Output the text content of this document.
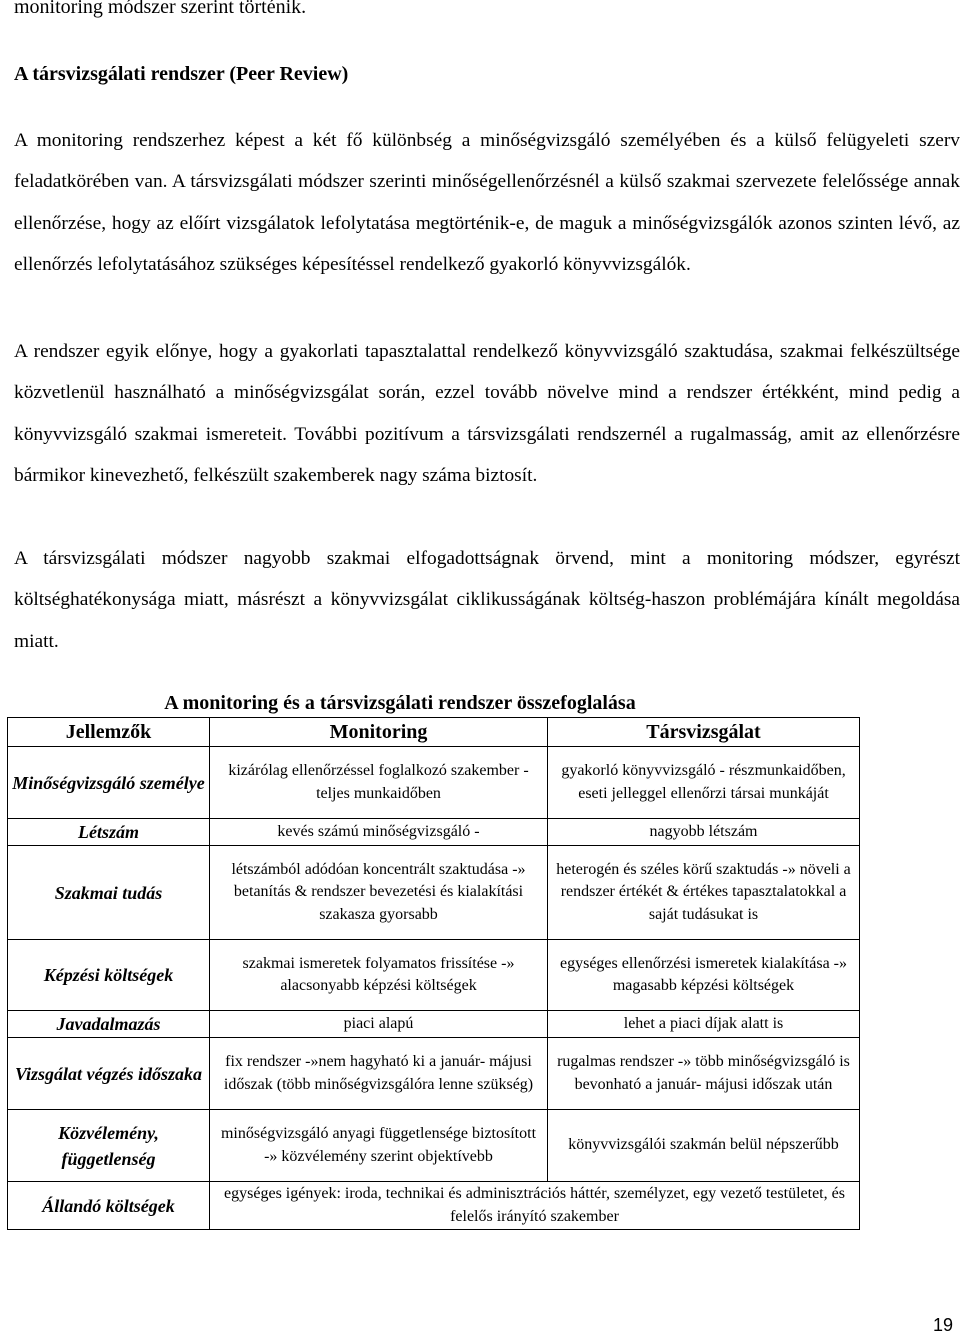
monitoring módszer szerint történik.
A társvizsgálati rendszer (Peer Review)

A monitoring rendszerhez képest a két fő különbség a minőségvizsgáló személyében és a külső felügyeleti szerv feladatkörében van. A társvizsgálati módszer szerinti minőségellenőrzésnél a külső szakmai szervezete felelőssége annak ellenőrzése, hogy az előírt vizsgálatok lefolytatása megtörténik-e, de maguk a minőségvizsgálók azonos szinten lévő, az ellenőrzés lefolytatásához szükséges képesítéssel rendelkező gyakorló könyvvizsgálók.

A rendszer egyik előnye, hogy a gyakorlati tapasztalattal rendelkező könyvvizsgáló szaktudása, szakmai felkészültsége közvetlenül használható a minőségvizsgálat során, ezzel tovább növelve mind a rendszer értékként, mind pedig a könyvvizsgáló szakmai ismereteit. További pozitívum a társvizsgálati rendszernél a rugalmasság, amit az ellenőrzésre bármikor kinevezhető, felkészült szakemberek nagy száma biztosít.

A társvizsgálati módszer nagyobb szakmai elfogadottságnak örvend, mint a monitoring módszer, egyrészt költséghatékonysága miatt, másrészt a könyvvizsgálat ciklikusságának költség-haszon problémájára kínált megoldása miatt.

A monitoring és a társvizsgálati rendszer összefoglalása
Jellemzők	Monitoring	Társvizsgálat
Minőségvizsgáló személye	kizárólag ellenőrzéssel foglalkozó szakember - teljes munkaidőben	gyakorló könyvvizsgáló - részmunkaidőben, eseti jelleggel ellenőrzi társai munkáját
Létszám	kevés számú minőségvizsgáló -	nagyobb létszám
Szakmai tudás	létszámból adódóan koncentrált szaktudása -» betanítás & rendszer bevezetési és kialakítási szakasza gyorsabb	heterogén és széles körű szaktudás -» növeli a rendszer értékét & értékes tapasztalatokkal a saját tudásukat is
Képzési költségek	szakmai ismeretek folyamatos frissítése -» alacsonyabb képzési költségek	egységes ellenőrzési ismeretek kialakítása -» magasabb képzési költségek
Javadalmazás	piaci alapú	lehet a piaci díjak alatt is
Vizsgálat végzés időszaka	fix rendszer -»nem hagyható ki a január- májusi időszak (több minőségvizsgálóra lenne szükség)	rugalmas rendszer -» több minőségvizsgáló is bevonható a január- májusi időszak után
Közvélemény, függetlenség	minőségvizsgáló anyagi függetlensége biztosított -» közvélemény szerint objektívebb	könyvvizsgálói szakmán belül népszerűbb
Állandó költségek	egységes igények: iroda, technikai és adminisztrációs háttér, személyzet, egy vezető testületet, és felelős irányító szakember	
19
